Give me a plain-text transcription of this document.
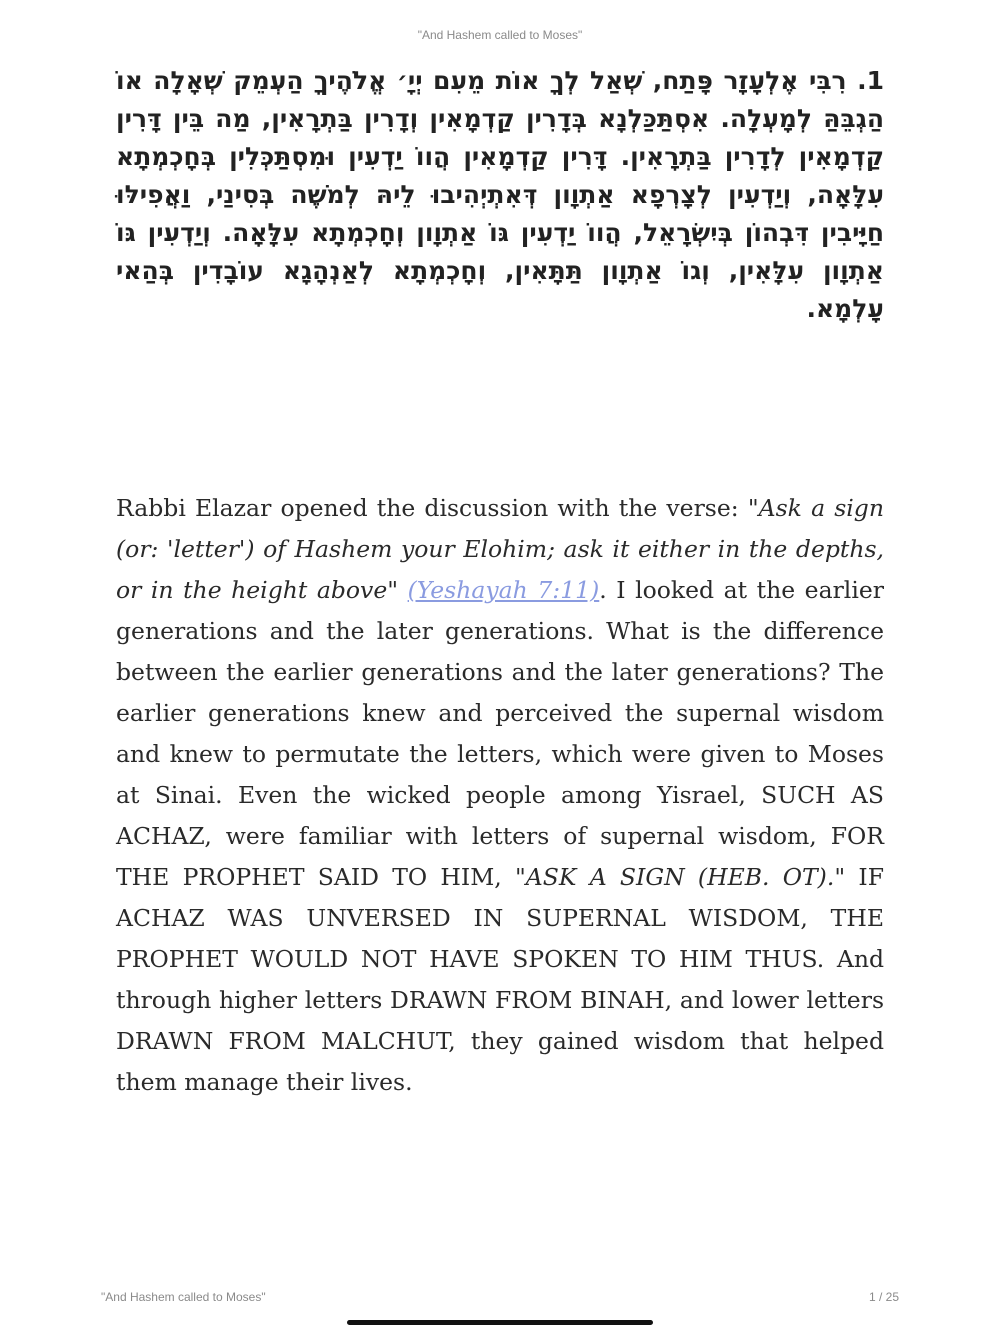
"And Hashem called to Moses"
1. רִבִּי אֶלְעָזָר פָּתַח, שְׁאַל לְךָ אוֹת מֵעִם יְיָ׳ אֱלֹהֶיךָ הַעְמֵק שְׁאָלָה אוֹ הַגְבֵּהַּ לְמָעְלָה. אִסְתַּכַּלְנָא בְּדָרִין קַדְמָאִין וְדָרִין בַּתְרָאִין, מַה בֵּין דָּרִין קַדְמָאִין לְדָרִין בַּתְרָאִין. דָּרִין קַדְמָאִין הֲווֹ יַדְעִין וּמִסְתַּכְּלִין בְּחָכְמְתָא עִלָּאָה, וְיַדְעִין לְצָרְפָא אַתְוָון דְּאִתְיְהִיבוּ לֵיהּ לְמֹשֶׁה בְּסִינַי, וַאֲפִילּוּ חַיָּיבִין דִּבְהוֹן בְּיִשְׂרָאֵל, הֲווֹ יַדְעִין גּוֹ אַתְוָון וְחָכְמְתָא עִלָּאָה. וְיַדְעִין גּוֹ אַתְוָון עִלָּאִין, וְגוֹ אַתְוָון תַּתָּאִין, וְחָכְמְתָא לְאַנְהָגָא עוֹבָדִין בְּהַאי עָלְמָא.
Rabbi Elazar opened the discussion with the verse: "Ask a sign (or: 'letter') of Hashem your Elohim; ask it either in the depths, or in the height above" (Yeshayah 7:11). I looked at the earlier generations and the later generations. What is the difference between the earlier generations and the later generations? The earlier generations knew and perceived the supernal wisdom and knew to permutate the letters, which were given to Moses at Sinai. Even the wicked people among Yisrael, SUCH AS ACHAZ, were familiar with letters of supernal wisdom, FOR THE PROPHET SAID TO HIM, "ASK A SIGN (HEB. OT)." IF ACHAZ WAS UNVERSED IN SUPERNAL WISDOM, THE PROPHET WOULD NOT HAVE SPOKEN TO HIM THUS. And through higher letters DRAWN FROM BINAH, and lower letters DRAWN FROM MALCHUT, they gained wisdom that helped them manage their lives.
"And Hashem called to Moses"	1 / 25
